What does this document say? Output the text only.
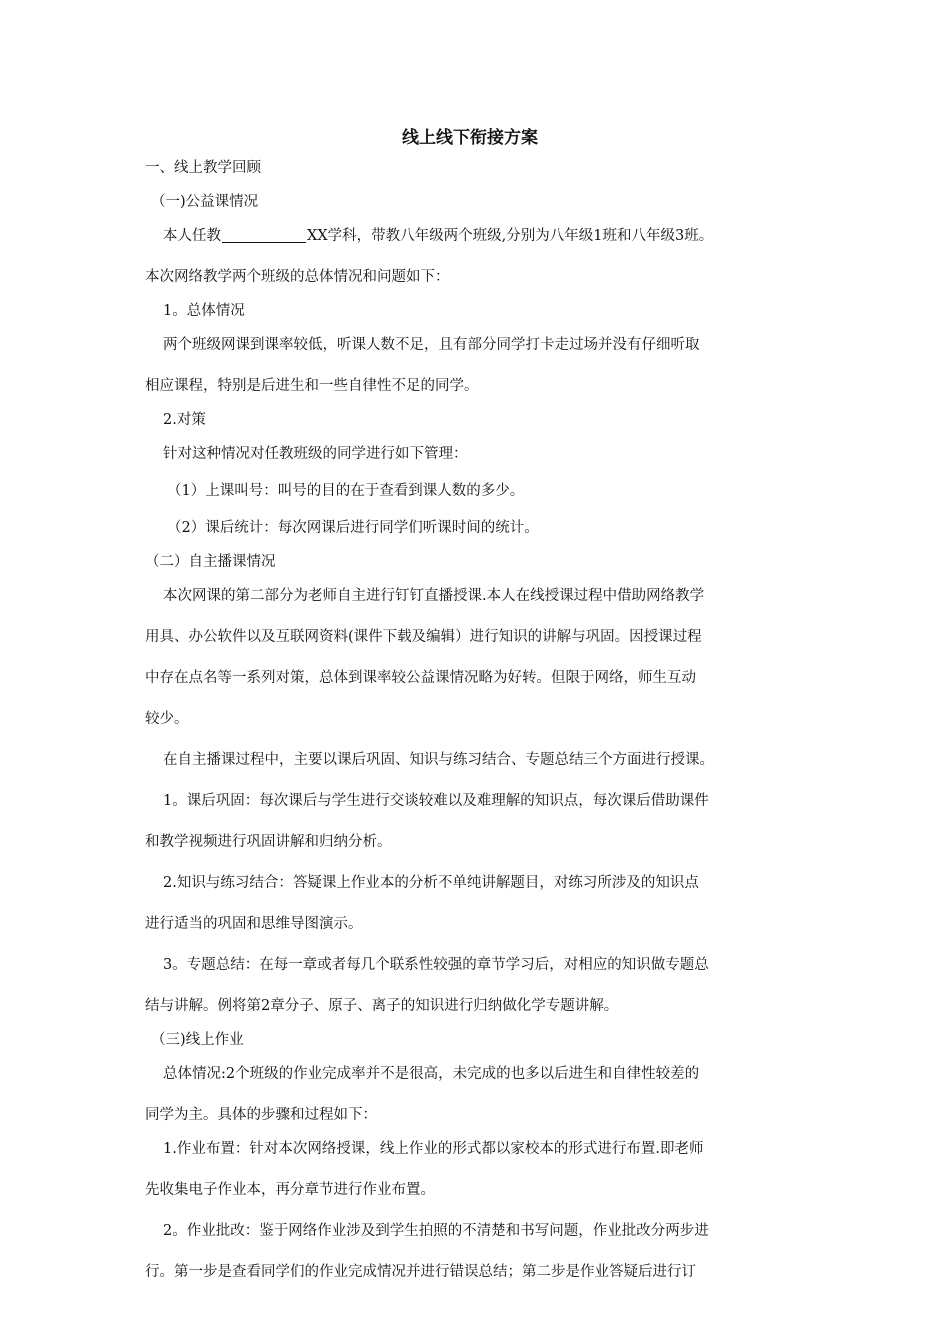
线上线下衔接方案

一、线上教学回顾

（一)公益课情况

本人任教	XX学科，带教八年级两个班级,分别为八年级1班和八年级3班。

本次网络教学两个班级的总体情况和问题如下：

1。总体情况

两个班级网课到课率较低，听课人数不足，且有部分同学打卡走过场并没有仔细听取

相应课程，特别是后进生和一些自律性不足的同学。

2.对策

针对这种情况对任教班级的同学进行如下管理：

（1）上课叫号：叫号的目的在于查看到课人数的多少。

（2）课后统计：每次网课后进行同学们听课时间的统计。

（二）自主播课情况

本次网课的第二部分为老师自主进行钉钉直播授课.本人在线授课过程中借助网络教学

用具、办公软件以及互联网资料(课件下载及编辑）进行知识的讲解与巩固。因授课过程

中存在点名等一系列对策，总体到课率较公益课情况略为好转。但限于网络，师生互动

较少。

在自主播课过程中，主要以课后巩固、知识与练习结合、专题总结三个方面进行授课。

1。课后巩固：每次课后与学生进行交谈较难以及难理解的知识点，每次课后借助课件

和教学视频进行巩固讲解和归纳分析。

2.知识与练习结合：答疑课上作业本的分析不单纯讲解题目，对练习所涉及的知识点

进行适当的巩固和思维导图演示。

3。专题总结：在每一章或者每几个联系性较强的章节学习后，对相应的知识做专题总

结与讲解。例将第2章分子、原子、离子的知识进行归纳做化学专题讲解。

（三)线上作业

总体情况:2个班级的作业完成率并不是很高，未完成的也多以后进生和自律性较差的

同学为主。具体的步骤和过程如下：

1.作业布置：针对本次网络授课，线上作业的形式都以家校本的形式进行布置.即老师

先收集电子作业本，再分章节进行作业布置。

2。作业批改：鉴于网络作业涉及到学生拍照的不清楚和书写问题，作业批改分两步进

行。第一步是查看同学们的作业完成情况并进行错误总结；第二步是作业答疑后进行订
